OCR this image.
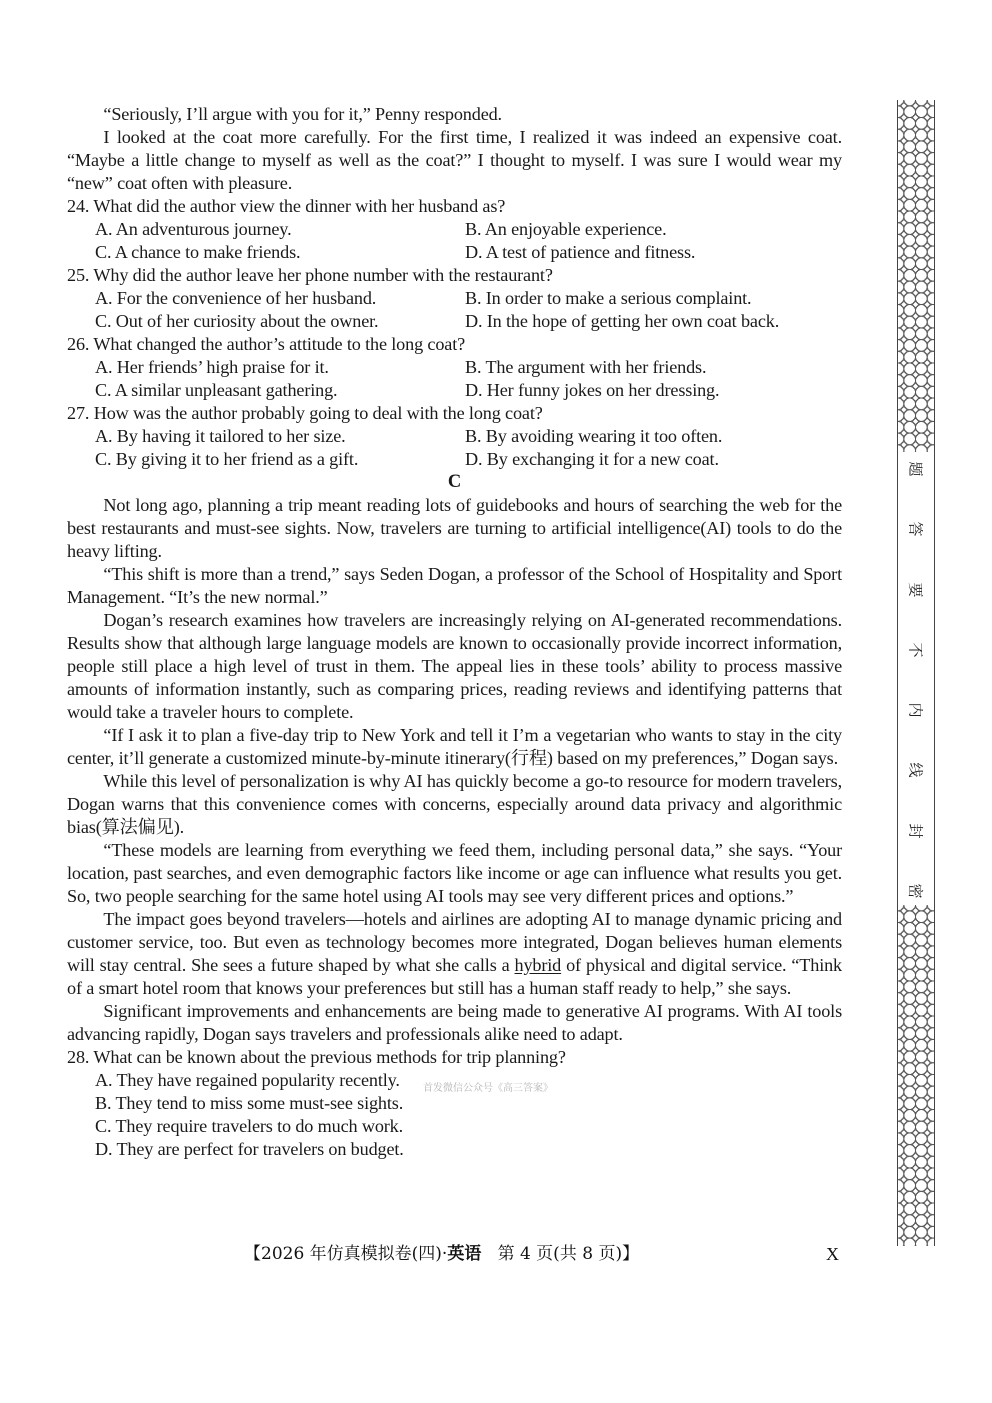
“Seriously, I’ll argue with you for it,” Penny responded.

I looked at the coat more carefully. For the first time, I realized it was indeed an expensive coat. “Maybe a little change to myself as well as the coat?” I thought to myself. I was sure I would wear my “new” coat often with pleasure.

24. What did the author view the dinner with her husband as?
A. An adventurous journey.	B. An enjoyable experience.
C. A chance to make friends.	D. A test of patience and fitness.
25. Why did the author leave her phone number with the restaurant?
A. For the convenience of her husband.	B. In order to make a serious complaint.
C. Out of her curiosity about the owner.	D. In the hope of getting her own coat back.
26. What changed the author’s attitude to the long coat?
A. Her friends’ high praise for it.	B. The argument with her friends.
C. A similar unpleasant gathering.	D. Her funny jokes on her dressing.
27. How was the author probably going to deal with the long coat?
A. By having it tailored to her size.	B. By avoiding wearing it too often.
C. By giving it to her friend as a gift.	D. By exchanging it for a new coat.

C

Not long ago, planning a trip meant reading lots of guidebooks and hours of searching the web for the best restaurants and must-see sights. Now, travelers are turning to artificial intelligence(AI) tools to do the heavy lifting.

“This shift is more than a trend,” says Seden Dogan, a professor of the School of Hospitality and Sport Management. “It’s the new normal.”

Dogan’s research examines how travelers are increasingly relying on AI-generated recommendations. Results show that although large language models are known to occasionally provide incorrect information, people still place a high level of trust in them. The appeal lies in these tools’ ability to process massive amounts of information instantly, such as comparing prices, reading reviews and identifying patterns that would take a traveler hours to complete.

“If I ask it to plan a five-day trip to New York and tell it I’m a vegetarian who wants to stay in the city center, it’ll generate a customized minute-by-minute itinerary(行程) based on my preferences,” Dogan says.

While this level of personalization is why AI has quickly become a go-to resource for modern travelers, Dogan warns that this convenience comes with concerns, especially around data privacy and algorithmic bias(算法偏见).

“These models are learning from everything we feed them, including personal data,” she says. “Your location, past searches, and even demographic factors like income or age can influence what results you get. So, two people searching for the same hotel using AI tools may see very different prices and options.”

The impact goes beyond travelers—hotels and airlines are adopting AI to manage dynamic pricing and customer service, too. But even as technology becomes more integrated, Dogan believes human elements will stay central. She sees a future shaped by what she calls a hybrid of physical and digital service. “Think of a smart hotel room that knows your preferences but still has a human staff ready to help,” she says.

Significant improvements and enhancements are being made to generative AI programs. With AI tools advancing rapidly, Dogan says travelers and professionals alike need to adapt.

28. What can be known about the previous methods for trip planning?
A. They have regained popularity recently.
B. They tend to miss some must-see sights.
C. They require travelers to do much work.
D. They are perfect for travelers on budget.
首发微信公众号《高三答案》
【2026 年仿真模拟卷(四)·英语 第 4 页(共 8 页)】	X
题
答
要
不
内
线
封
密
